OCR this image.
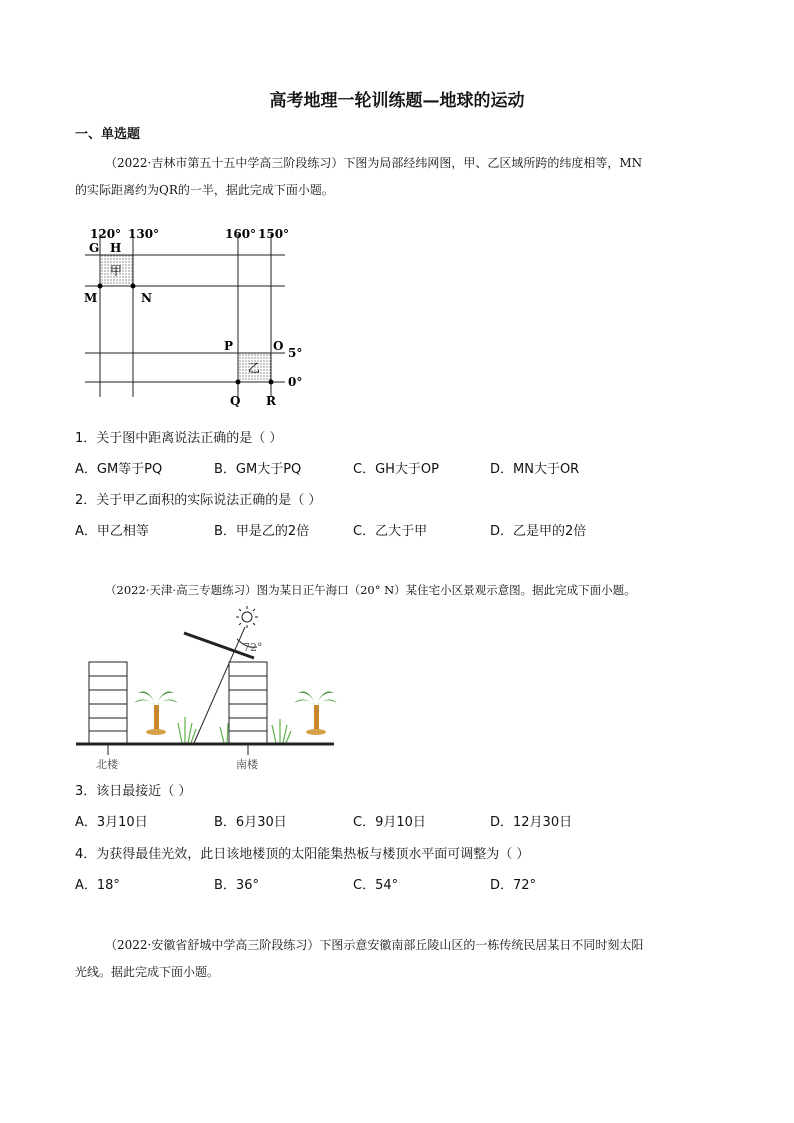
高考地理一轮训练题—地球的运动
一、单选题
（2022·吉林市第五十五中学高三阶段练习）下图为局部经纬网图，甲、乙区域所跨的纬度相等，MN
的实际距离约为QR的一半，据此完成下面小题。
120° 130°	160° 150°
G H
M	N
P	O
Q R
甲
乙
5°
0°
1．关于图中距离说法正确的是（ ）
A．GM等于PQ	B．GM大于PQ	C．GH大于OP	D．MN大于OR
2．关于甲乙面积的实际说法正确的是（ ）
A．甲乙相等	B．甲是乙的2倍	C．乙大于甲	D．乙是甲的2倍
（2022·天津·高三专题练习）图为某日正午海口（20° N）某住宅小区景观示意图。据此完成下面小题。
72°
北楼	南楼
3．该日最接近（ ）
A．3月10日	B．6月30日	C．9月10日	D．12月30日
4．为获得最佳光效，此日该地楼顶的太阳能集热板与楼顶水平面可调整为（ ）
A．18°	B．36°	C．54°	D．72°
（2022·安徽省舒城中学高三阶段练习）下图示意安徽南部丘陵山区的一栋传统民居某日不同时刻太阳
光线。据此完成下面小题。
